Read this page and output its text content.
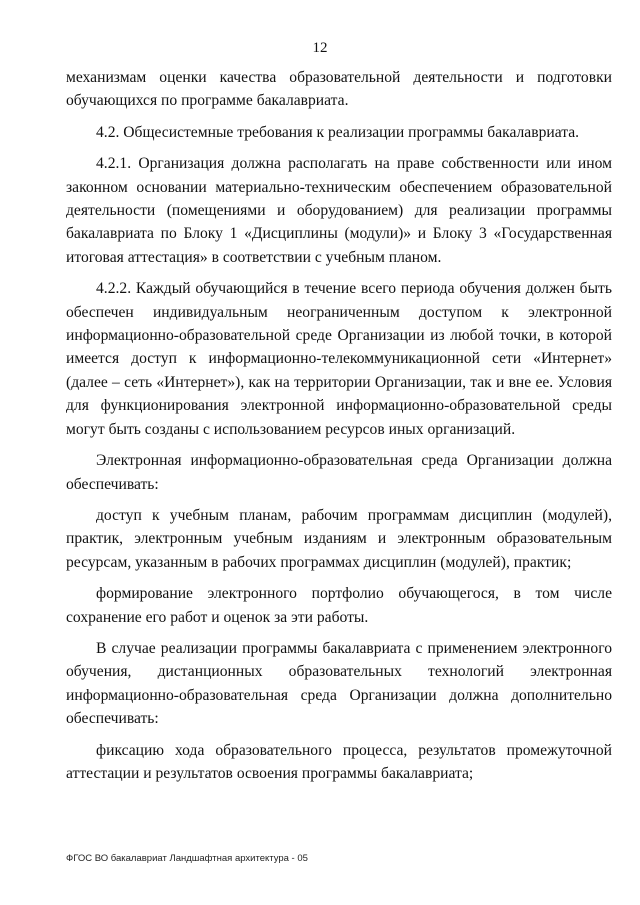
12

механизмам оценки качества образовательной деятельности и подготовки обучающихся по программе бакалавриата.

4.2. Общесистемные требования к реализации программы бакалавриата.

4.2.1. Организация должна располагать на праве собственности или ином законном основании материально-техническим обеспечением образовательной деятельности (помещениями и оборудованием) для реализации программы бакалавриата по Блоку 1 «Дисциплины (модули)» и Блоку 3 «Государственная итоговая аттестация» в соответствии с учебным планом.

4.2.2. Каждый обучающийся в течение всего периода обучения должен быть обеспечен индивидуальным неограниченным доступом к электронной информационно-образовательной среде Организации из любой точки, в которой имеется доступ к информационно-телекоммуникационной сети «Интернет» (далее – сеть «Интернет»), как на территории Организации, так и вне ее. Условия для функционирования электронной информационно-образовательной среды могут быть созданы с использованием ресурсов иных организаций.

Электронная информационно-образовательная среда Организации должна обеспечивать:

доступ к учебным планам, рабочим программам дисциплин (модулей), практик, электронным учебным изданиям и электронным образовательным ресурсам, указанным в рабочих программах дисциплин (модулей), практик;

формирование электронного портфолио обучающегося, в том числе сохранение его работ и оценок за эти работы.

В случае реализации программы бакалавриата с применением электронного обучения, дистанционных образовательных технологий электронная информационно-образовательная среда Организации должна дополнительно обеспечивать:

фиксацию хода образовательного процесса, результатов промежуточной аттестации и результатов освоения программы бакалавриата;

ФГОС ВО бакалавриат Ландшафтная архитектура - 05
